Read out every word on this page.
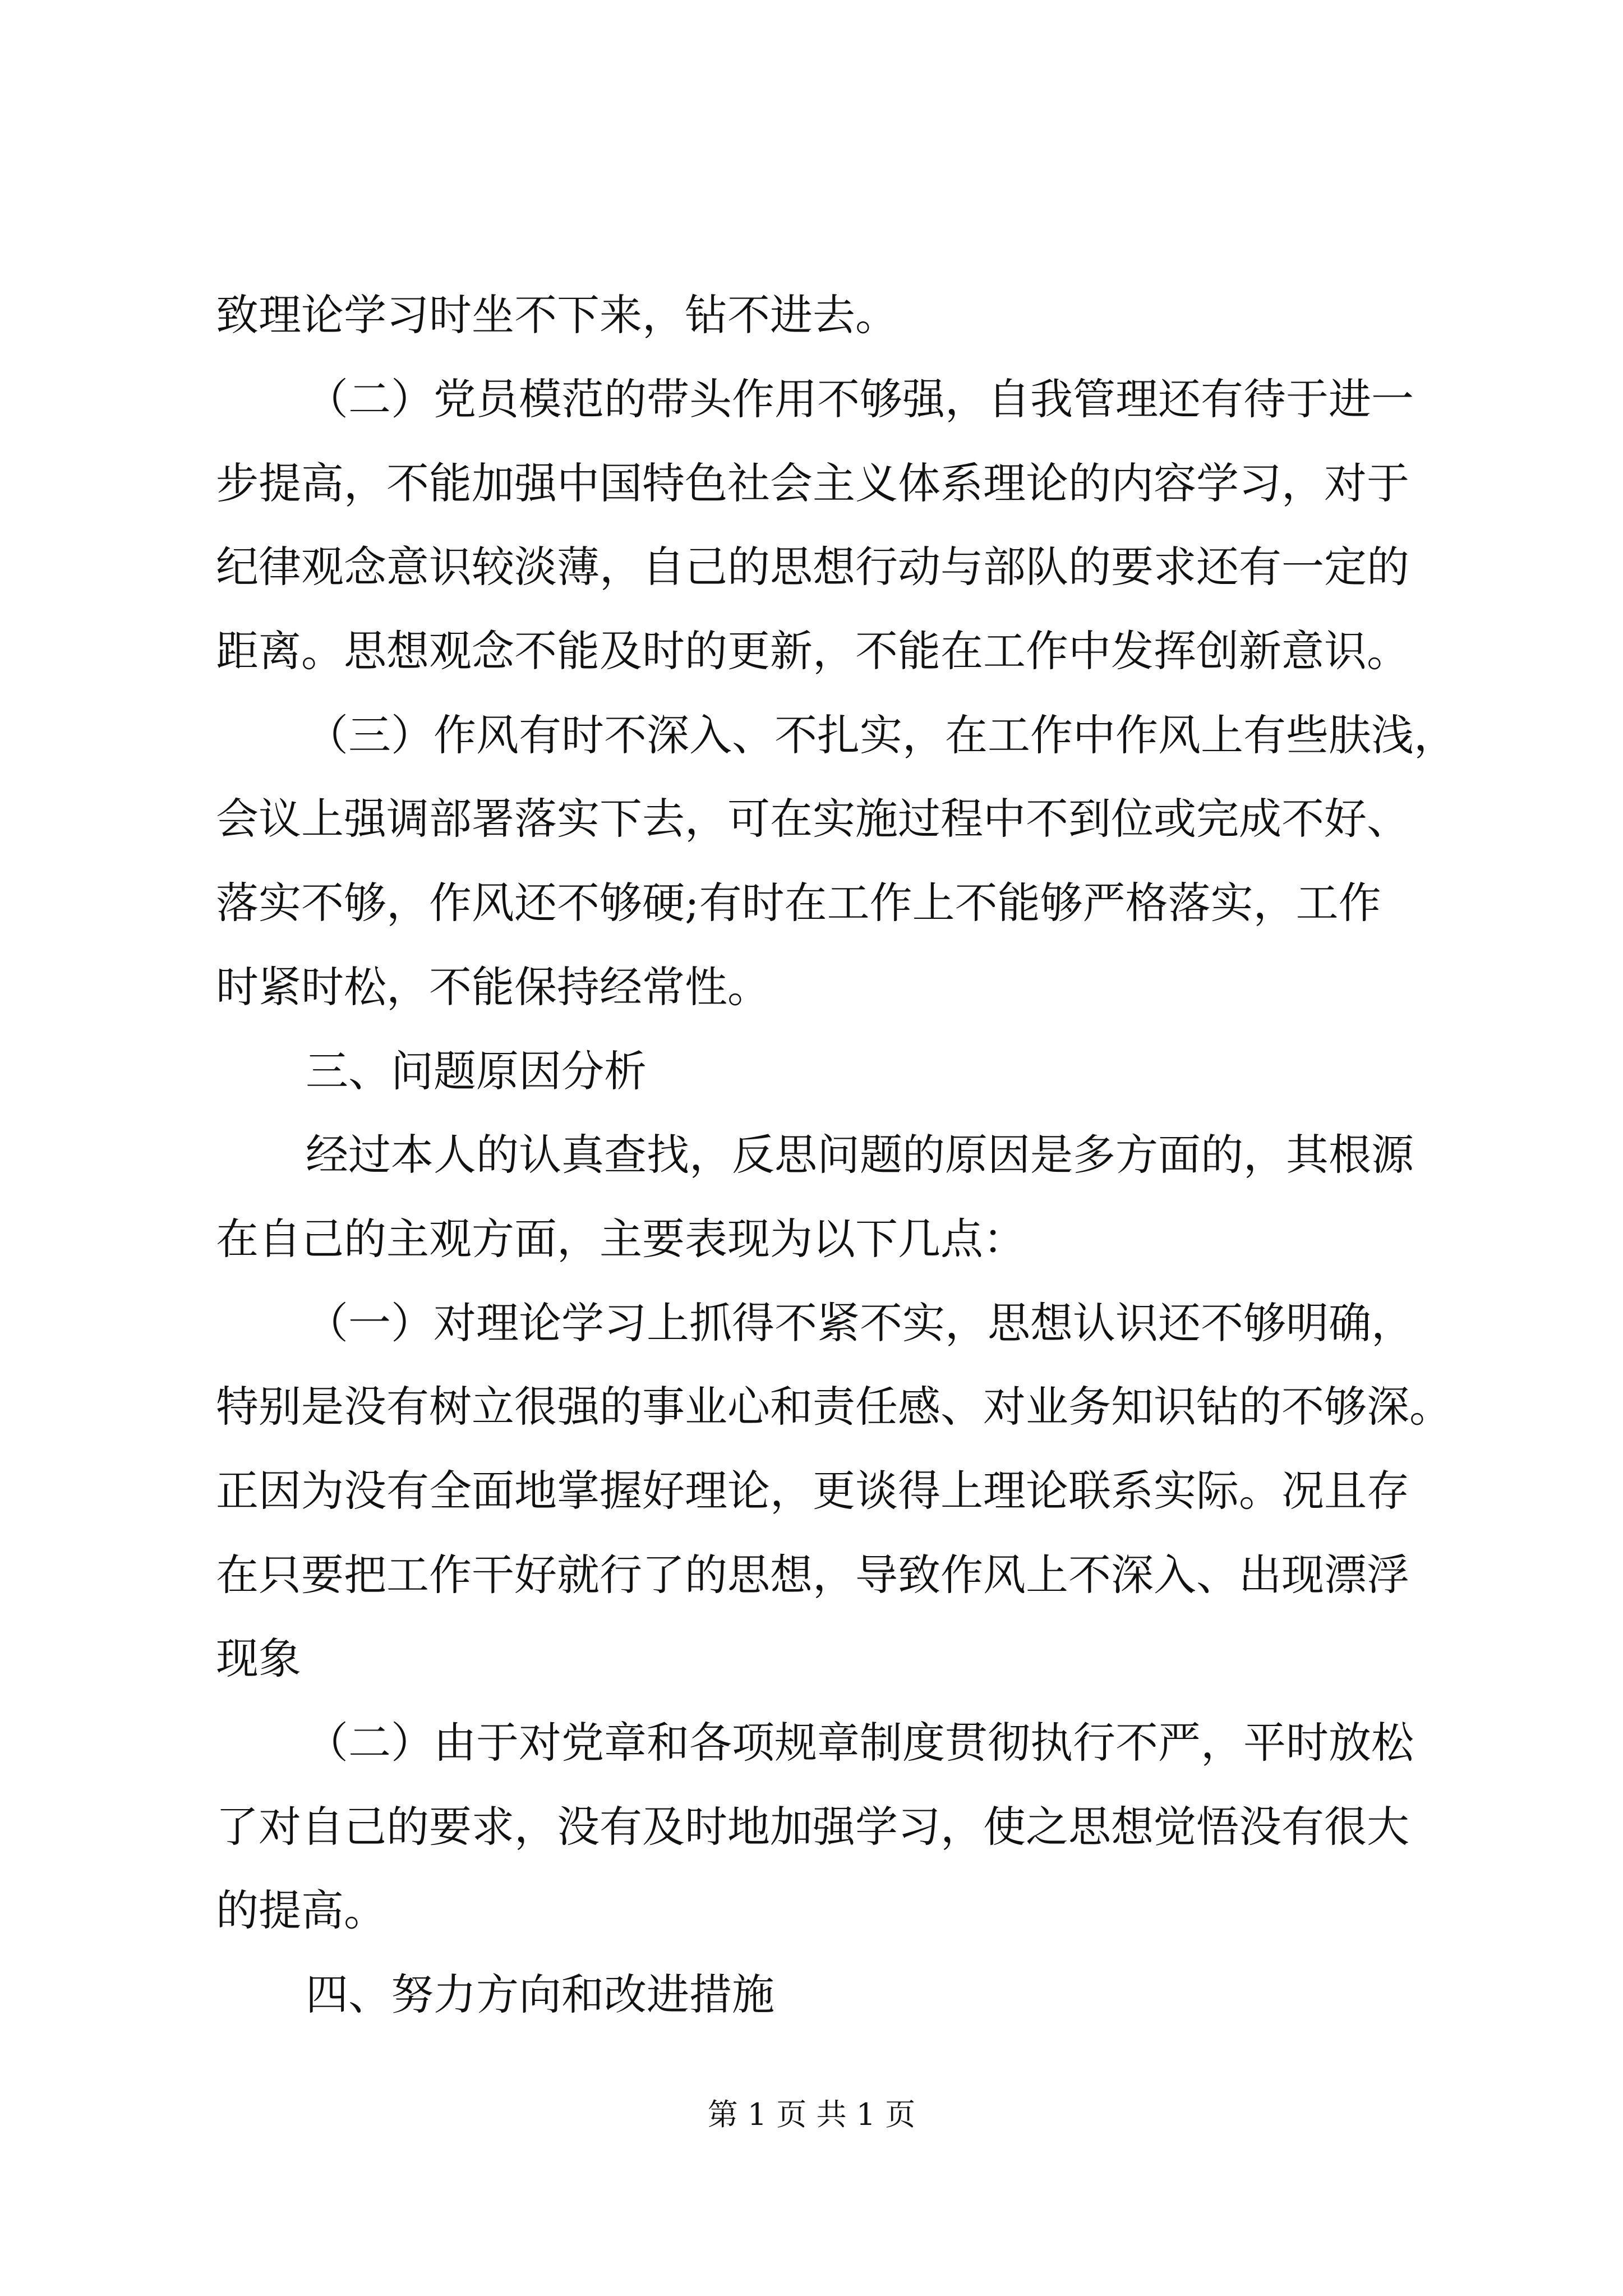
致理论学习时坐不下来，钻不进去。
（二）党员模范的带头作用不够强，自我管理还有待于进一
步提高，不能加强中国特色社会主义体系理论的内容学习，对于
纪律观念意识较淡薄，自己的思想行动与部队的要求还有一定的
距离。思想观念不能及时的更新，不能在工作中发挥创新意识。
（三）作风有时不深入、不扎实，在工作中作风上有些肤浅，
会议上强调部署落实下去，可在实施过程中不到位或完成不好、
落实不够，作风还不够硬;有时在工作上不能够严格落实，工作
时紧时松，不能保持经常性。
三、问题原因分析
经过本人的认真查找，反思问题的原因是多方面的，其根源
在自己的主观方面，主要表现为以下几点：
（一）对理论学习上抓得不紧不实，思想认识还不够明确，
特别是没有树立很强的事业心和责任感、对业务知识钻的不够深。
正因为没有全面地掌握好理论，更谈得上理论联系实际。况且存
在只要把工作干好就行了的思想，导致作风上不深入、出现漂浮
现象
（二）由于对党章和各项规章制度贯彻执行不严，平时放松
了对自己的要求，没有及时地加强学习，使之思想觉悟没有很大
的提高。
四、努力方向和改进措施
第 1 页 共 1 页
